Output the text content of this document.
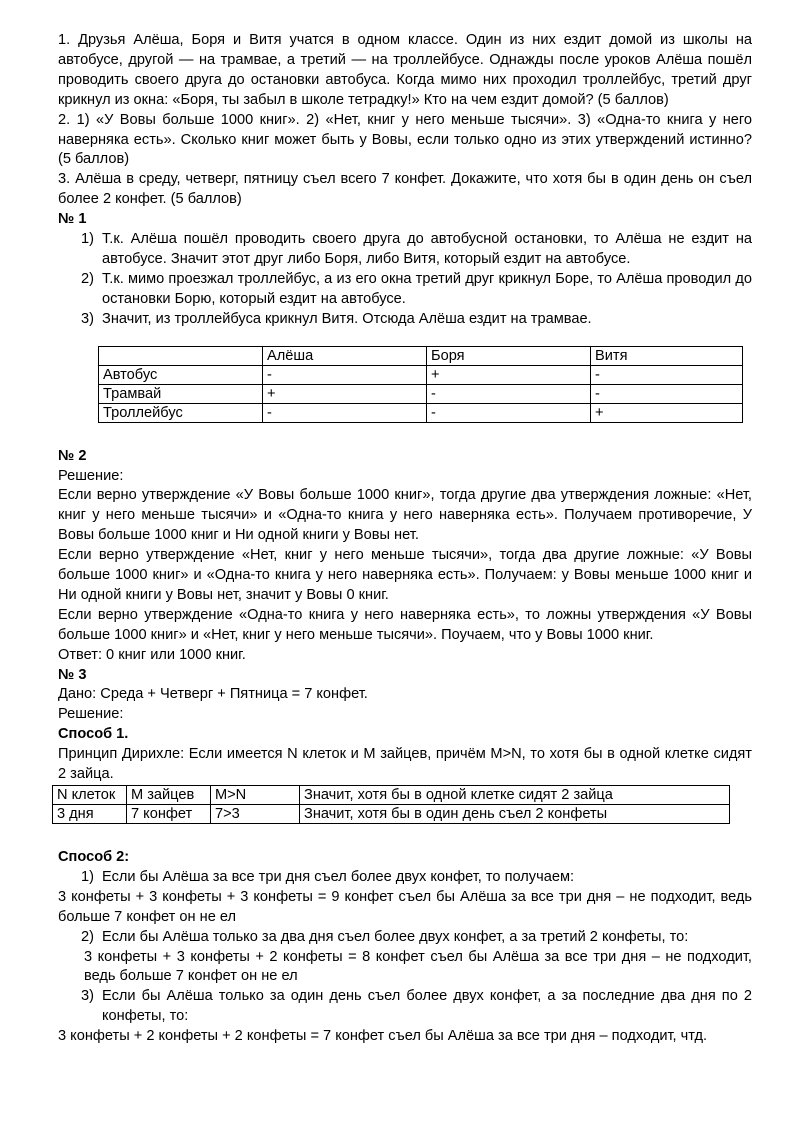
1. Друзья Алёша, Боря и Витя учатся в одном классе. Один из них ездит домой из школы на автобусе, другой — на трамвае, а третий — на троллейбусе. Однажды после уроков Алёша пошёл проводить своего друга до остановки автобуса. Когда мимо них проходил троллейбус, третий друг крикнул из окна: «Боря, ты забыл в школе тетрадку!» Кто на чем ездит домой? (5 баллов)

2. 1) «У Вовы больше 1000 книг». 2) «Нет, книг у него меньше тысячи». 3) «Одна-то книга у него наверняка есть». Сколько книг может быть у Вовы, если только одно из этих утверждений истинно? (5 баллов)

3. Алёша в среду, четверг, пятницу съел всего 7 конфет. Докажите, что хотя бы в один день он съел более 2 конфет. (5 баллов)

№ 1

1) Т.к. Алёша пошёл проводить своего друга до автобусной остановки, то Алёша не ездит на автобусе. Значит этот друг либо Боря, либо Витя, который ездит на автобусе.
2) Т.к. мимо проезжал троллейбус, а из его окна третий друг крикнул Боре, то Алёша проводил до остановки Борю, который ездит на автобусе.
3) Значит, из троллейбуса крикнул Витя. Отсюда Алёша ездит на трамвае.
	Алёша	Боря	Витя
Автобус	-	+	-
Трамвай	+	-	-
Троллейбус	-	-	+

№ 2

Решение:

Если верно утверждение «У Вовы больше 1000 книг», тогда другие два утверждения ложные: «Нет, книг у него меньше тысячи» и «Одна-то книга у него наверняка есть». Получаем противоречие, У Вовы больше 1000 книг и Ни одной книги у Вовы нет.

Если верно утверждение «Нет, книг у него меньше тысячи», тогда два другие ложные: «У Вовы больше 1000 книг» и «Одна-то книга у него наверняка есть». Получаем: у Вовы меньше 1000 книг и Ни одной книги у Вовы нет, значит у Вовы 0 книг.

Если верно утверждение «Одна-то книга у него наверняка есть», то ложны утверждения «У Вовы больше 1000 книг» и «Нет, книг у него меньше тысячи». Поучаем, что у Вовы 1000 книг.

Ответ: 0 книг или 1000 книг.

№ 3

Дано: Среда + Четверг + Пятница = 7 конфет.

Решение:

Способ 1.

Принцип Дирихле: Если имеется N клеток и M зайцев, причём M>N, то хотя бы в одной клетке сидят 2 зайца.

N клеток	M зайцев	M>N	Значит, хотя бы в одной клетке сидят 2 зайца
3 дня	7 конфет	7>3	Значит, хотя бы в один день съел 2 конфеты

Способ 2:

1) Если бы Алёша за все три дня съел более двух конфет, то получаем:

3 конфеты + 3 конфеты + 3 конфеты = 9 конфет съел бы Алёша за все три дня – не подходит, ведь больше 7 конфет он не ел

2) Если бы Алёша только за два дня съел более двух конфет, а за третий 2 конфеты, то:

3 конфеты + 3 конфеты + 2 конфеты = 8 конфет съел бы Алёша за все три дня – не подходит, ведь больше 7 конфет он не ел

3) Если бы Алёша только за один день съел более двух конфет, а за последние два дня по 2 конфеты, то:

3 конфеты + 2 конфеты + 2 конфеты = 7 конфет съел бы Алёша за все три дня – подходит, чтд.
